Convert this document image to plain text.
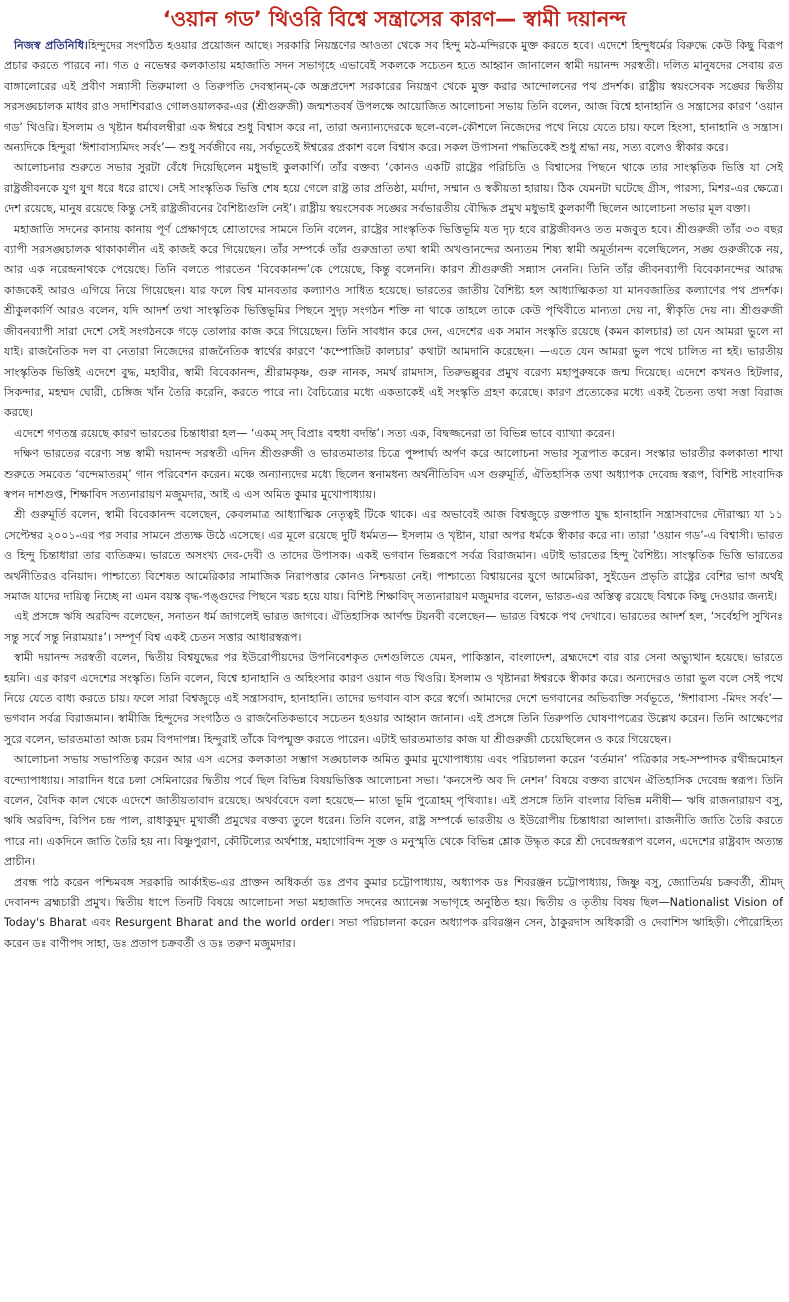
‘ওয়ান গড’ থিওরি বিশ্বে সন্ত্রাসের কারণ— স্বামী দয়ানন্দ

নিজস্ব প্রতিনিধি।হিন্দুদের সংগঠিত হওয়ার প্রয়োজন আছে। সরকারি নিয়ন্ত্রণের আওতা থেকে সব হিন্দু মঠ-মন্দিরকে মুক্ত করতে হবে। এদেশে হিন্দুধর্মের বিরুদ্ধে কেউ কিছু বিরূপ প্রচার করতে পারবে না। গত ৫ নভেম্বর কলকাতায় মহাজাতি সদন সভাগৃহে এভাবেই সকলকে সচেতন হতে আহ্বান জানালেন স্বামী দয়ানন্দ সরস্বতী। দলিত মানুষদের সেবায় রত বাঙ্গালোরের এই প্রবীণ সন্ন্যাসী তিরুমালা ও তিরুপতি দেবস্থানম্‌-কে অন্ধ্রপ্রদেশ সরকারের নিয়ন্ত্রণ থেকে মুক্ত করার আন্দোলনের পথ প্রদর্শক। রাষ্ট্রীয় স্বয়ংসেবক সঙ্ঘের দ্বিতীয় সরসঙ্ঘচালক মাধব রাও সদাশিবরাও গোলওয়ালকর-এর (শ্রীগুরুজী) জন্মশতবর্ষ উপলক্ষে আয়োজিত আলোচনা সভায় তিনি বলেন, আজ বিশ্বে হানাহানি ও সন্ত্রাসের কারণ ‘ওয়ান গড’ থিওরি। ইসলাম ও খৃষ্টান ধর্মাবলম্বীরা এক ঈশ্বরে শুধু বিশ্বাস করে না, তারা অন্যান্যদেরকে ছলে-বলে-কৌশলে নিজেদের পথে নিয়ে যেতে চায়। ফলে হিংসা, হানাহানি ও সন্ত্রাস। অন্যদিকে হিন্দুরা ‘ঈশাবাস্যমিদং সর্বং’— শুধু সর্বজীবে নয়, সর্বভূতেই ঈশ্বরের প্রকাশ বলে বিশ্বাস করে। সকল উপাসনা পদ্ধতিকেই শুধু শ্রদ্ধা নয়, সত্য বলেও স্বীকার করে।

আলোচনার শুরুতে সভার সুরটা বেঁধে দিয়েছিলেন মধুভাই কুলকার্ণি। তাঁর বক্তব্য ‘কোনও একটি রাষ্ট্রের পরিচিতি ও বিশ্বাসের পিছনে থাকে তার সাংস্কৃতিক ভিত্তি যা সেই রাষ্ট্রজীবনকে যুগ যুগ ধরে ধরে রাখে। সেই সাংস্কৃতিক ভিত্তি শেষ হয়ে গেলে রাষ্ট্র তার প্রতিষ্ঠা, মর্যাদা, সম্মান ও স্বকীয়তা হারায়। ঠিক যেমনটা ঘটেছে গ্রীস, পারস্য, মিশর-এর ক্ষেত্রে। দেশ রয়েছে, মানুষ রয়েছে কিন্তু সেই রাষ্ট্রজীবনের বৈশিষ্ট্যগুলি নেই’। রাষ্ট্রীয় স্বয়ংসেবক সঙ্ঘের সর্বভারতীয় বৌদ্ধিক প্রমুখ মধুভাই কুলকার্ণী ছিলেন আলোচনা সভার মূল বক্তা।

মহাজাতি সদনের কানায় কানায় পূর্ণ প্রেক্ষাগৃহে শ্রোতাদের সামনে তিনি বলেন, রাষ্ট্রের সাংস্কৃতিক ভিত্তিভূমি যত দৃঢ় হবে রাষ্ট্রজীবনও তত মজবুত হবে। শ্রীগুরুজী তাঁর ৩৩ বছর ব্যাপী সরসঙ্ঘচালক থাকাকালীন এই কাজই করে গিয়েছেন। তাঁর সম্পর্কে তাঁর গুরুভ্রাতা তথা স্বামী অখণ্ডানন্দের অন্যতম শিষ্য স্বামী অমূর্তানন্দ বলেছিলেন, সঙ্ঘ গুরুজীকে নয়, আর এক নরেন্দ্রনাথকে পেয়েছে। তিনি বলতে পারতেন ‘বিবেকানন্দ’কে পেয়েছে, কিন্তু বলেননি। কারণ শ্রীগুরুজী সন্ন্যাস নেননি। তিনি তাঁর জীবনব্যাপী বিবেকানন্দের আরদ্ধ কাজকেই আরও এগিয়ে নিয়ে গিয়েছেন। যার ফলে বিশ্ব মানবতার কল্যাণও সাধিত হয়েছে। ভারতের জাতীয় বৈশিষ্ট্য হল আধ্যাত্মিকতা যা মানবজাতির কল্যাণের পথ প্রদর্শক। শ্রীকুলকার্ণি আরও বলেন, যদি আদর্শ তথা সাংস্কৃতিক ভিত্তিভূমির পিছনে সুদৃঢ় সংগঠন শক্তি না থাকে তাহলে তাকে কেউ পৃথিবীতে মান্যতা দেয় না, স্বীকৃতি দেয় না। শ্রীগুরুজী জীবনব্যাপী সারা দেশে সেই সংগঠনকে গড়ে তোলার কাজ করে গিয়েছেন। তিনি সাবধান করে দেন, এদেশের এক সমান সংস্কৃতি রয়েছে (কমন কালচার) তা যেন আমরা ভুলে না যাই। রাজনৈতিক দল বা নেতারা নিজেদের রাজনৈতিক স্বার্থের কারণে ‘কম্পোজিট কালচার’ কথাটা আমদানি করেছেন। —এতে যেন আমরা ভুল পথে চালিত না হই। ভারতীয় সাংস্কৃতিক ভিত্তিই এদেশে বুদ্ধ, মহাবীর, স্বামী বিবেকানন্দ, শ্রীরামকৃষ্ণ, গুরু নানক, সমর্থ রামদাস, তিরুভল্লুবর প্রমুখ বরেণ্য মহাপুরুষকে জন্ম দিয়েছে। এদেশে কখনও হিটলার, সিকন্দার, মহম্মদ ঘোরী, চেঙ্গিজ খাঁন তৈরি করেনি, করতে পারে না। বৈচিত্র্যের মধ্যে একতাকেই এই সংস্কৃতি গ্রহণ করেছে। কারণ প্রত্যেকের মধ্যে একই চৈতন্য তথা সত্তা বিরাজ করছে।

এদেশে গণতন্ত্র রয়েছে কারণ ভারতের চিন্তাধারা হল— ‘একম্‌ সদ্‌ বিপ্রাঃ বহুধা বদন্তি’। সত্য এক, বিদ্বজ্জনেরা তা বিভিন্ন ভাবে ব্যাখ্যা করেন।

দক্ষিণ ভারতের বরেণ্য সন্ত স্বামী দয়ানন্দ সরস্বতী এদিন শ্রীগুরুজী ও ভারতমাতার চিত্রে পুষ্পার্ঘ্য অর্পণ করে আলোচনা সভার সূত্রপাত করেন। সংস্কার ভারতীর কলকাতা শাখা শুরুতে সমবেত ‘বন্দেমাতরম্‌’ গান পরিবেশন করেন। মঞ্চে অন্যান্যদের মধ্যে ছিলেন স্বনামধন্য অর্থনীতিবিদ এস গুরুমূর্তি, ঐতিহাসিক তথা অধ্যাপক দেবেন্দ্র স্বরূপ, বিশিষ্ট সাংবাদিক স্বপন দাশগুপ্ত, শিক্ষাবিদ সত্যনারায়ণ মজুমদার, আই এ এস অমিত কুমার মুখোপাধ্যায়।

শ্রী গুরুমূর্তি বলেন, স্বামী বিবেকানন্দ বলেছেন, কেবলমাত্র আধ্যাত্মিক নেতৃত্বই টিকে থাকে। এর অভাবেই আজ বিশ্বজুড়ে রক্তপাত যুদ্ধ হানাহানি সন্ত্রাসবাদের দৌরাত্ম্য যা ১১ সেপ্টেম্বর ২০০১-এর পর সবার সামনে প্রত্যক্ষ উঠে এসেছে। এর মূলে রয়েছে দুটি ধর্মমত— ইসলাম ও খৃষ্টান, যারা অপর ধর্মকে স্বীকার করে না। তারা ‘ওয়ান গড’-এ বিশ্বাসী। ভারত ও হিন্দু চিন্তাধারা তার ব্যতিক্রম। ভারতে অসংখ্য দেব-দেবী ও তাদের উপাসক। একই ভগবান ভিন্নরূপে সর্বত্র বিরাজমান। এটাই ভারতের হিন্দু বৈশিষ্ট্য। সাংস্কৃতিক ভিত্তি ভারতের অর্থনীতিরও বনিয়াদ। পাশ্চাত্যে বিশেষত আমেরিকার সামাজিক নিরাপত্তার কোনও নিশ্চয়তা নেই। পাশ্চাত্যে বিশ্বায়নের যুগে আমেরিকা, সুইডেন প্রভৃতি রাষ্ট্রের বেশির ভাগ অর্থই সমাজ যাদের দায়িত্ব নিচ্ছে না এমন বয়স্ক বৃদ্ধ-পঙ্গুদের পিছনে খরচ হয়ে যায়। বিশিষ্ট শিক্ষাবিদ্‌ সত্যনারায়ণ মজুমদার বলেন, ভারত-এর অস্তিত্ব রয়েছে বিশ্বকে কিছু দেওয়ার জন্যই।

এই প্রসঙ্গে ঋষি অরবিন্দ বলেছেন, সনাতন ধর্ম জাগলেই ভারত জাগবে। ঐতিহাসিক আর্ণল্ড টয়নবী বলেছেন— ভারত বিশ্বকে পথ দেখাবে। ভারতের আদর্শ হল, ‘সর্বেহপি সুখিনঃ সন্তু সর্বে সন্তু নিরাময়াঃ’। সম্পূর্ণ বিশ্ব একই চেতন সত্তার আধারস্বরূপ।

স্বামী দয়ানন্দ সরস্বতী বলেন, দ্বিতীয় বিশ্বযুদ্ধের পর ইউরোপীয়দের উপনিবেশকৃত দেশগুলিতে যেমন, পাকিস্তান, বাংলাদেশ, ব্রহ্মদেশে বার বার সেনা অভ্যুত্থান হয়েছে। ভারতে হয়নি। এর কারণ এদেশের সংস্কৃতি। তিনি বলেন, বিশ্বে হানাহানি ও অহিংসার কারণ ওয়ান গড থিওরি। ইসলাম ও খৃষ্টানরা ঈশ্বরকে স্বীকার করে। অন্যদেরও তারা ভুল বলে সেই পথে নিয়ে যেতে বাধ্য করতে চায়। ফলে সারা বিশ্বজুড়ে এই সন্ত্রাসবাদ, হানাহানি। তাদের ভগবান বাস করে স্বর্গে। আমাদের দেশে ভগবানের অভিব্যক্তি সর্বভূতে, ‘ঈশাবাস্য -মিদং সর্বং’— ভগবান সর্বত্র বিরাজমান। স্বামীজি হিন্দুদের সংগঠিত ও রাজনৈতিকভাবে সচেতন হওয়ার আহ্বান জানান। এই প্রসঙ্গে তিনি তিরুপতি ঘোষণাপত্রের উল্লেখ করেন। তিনি আক্ষেপের সুরে বলেন, ভারতমাতা আজ চরম বিপদাপন্ন। হিন্দুরাই তাঁকে বিপন্মুক্ত করতে পারেন। এটাই ভারতমাতার কাজ যা শ্রীগুরুজী চেয়েছিলেন ও করে গিয়েছেন।

আলোচনা সভায় সভাপতিত্ব করেন আর এস এসের কলকাতা সম্ভাগ সঙ্ঘচালক অমিত কুমার মুখোপাধ্যায় এবং পরিচালনা করেন ‘বর্তমান’ পত্রিকার সহ-সম্পাদক রথীন্দ্রমোহন বন্দ্যোপাধ্যায়। সারাদিন ধরে চলা সেমিনারের দ্বিতীয় পর্বে ছিল বিভিন্ন বিষয়ভিত্তিক আলোচনা সভা। ‘কনসেপ্ট অব দি নেশন’ বিষয়ে বক্তব্য রাখেন ঐতিহাসিক দেবেন্দ্র স্বরূপ। তিনি বলেন, বৈদিক কাল থেকে এদেশে জাতীয়তাবাদ রয়েছে। অথর্ববেদে বলা হয়েছে— মাতা ভূমি পুত্রোহম্‌ পৃথিব্যাঃ। এই প্রসঙ্গে তিনি বাংলার বিভিন্ন মনীষী— ঋষি রাজনারায়ণ বসু, ঋষি অরবিন্দ, বিপিন চন্দ্র পাল, রাধাকুমুদ মুখার্জী প্রমুখের বক্তব্য তুলে ধরেন। তিনি বলেন, রাষ্ট্র সম্পর্কে ভারতীয় ও ইউরোপীয় চিন্তাধারা আলাদা। রাজনীতি জাতি তৈরি করতে পারে না। একদিনে জাতি তৈরি হয় না। বিষ্ণুপুরাণ, কৌটিল্যের অর্থশাস্ত্র, মহাগোবিন্দ সূক্ত ও মনুস্মৃতি থেকে বিভিন্ন শ্লোক উদ্ধৃত করে শ্রী দেবেন্দ্রস্বরূপ বলেন, এদেশের রাষ্ট্রবাদ অত্যন্ত প্রাচীন।

প্রবন্ধ পাঠ করেন পশ্চিমবঙ্গ সরকারি আর্কাইভ-এর প্রাক্তন অধিকর্তা ডঃ প্রণব কুমার চট্টোপাধ্যায়, অধ্যাপক ডঃ শিবরঞ্জন চট্টোপাধ্যায়, জিষ্ণু বসু, জ্যোতির্ময় চক্রবর্তী, শ্রীমদ্‌ দেবানন্দ ব্রহ্মচারী প্রমুখ। দ্বিতীয় ধাপে তিনটি বিষয়ে আলোচনা সভা মহাজাতি সদনের অ্যানেক্স সভাগৃহে অনুষ্ঠিত হয়। দ্বিতীয় ও তৃতীয় বিষয় ছিল—Nationalist Vision of Today's Bharat এবং Resurgent Bharat and the world order। সভা পরিচালনা করেন অধ্যাপক রবিরঞ্জন সেন, ঠাকুরদাস অধিকারী ও দেবাশিস ঋাহিড়ী। পৌরোহিত্য করেন ডঃ বাণীপদ সাহা, ডঃ প্রতাপ চক্রবর্তী ও ডঃ তরুণ মজুমদার।
